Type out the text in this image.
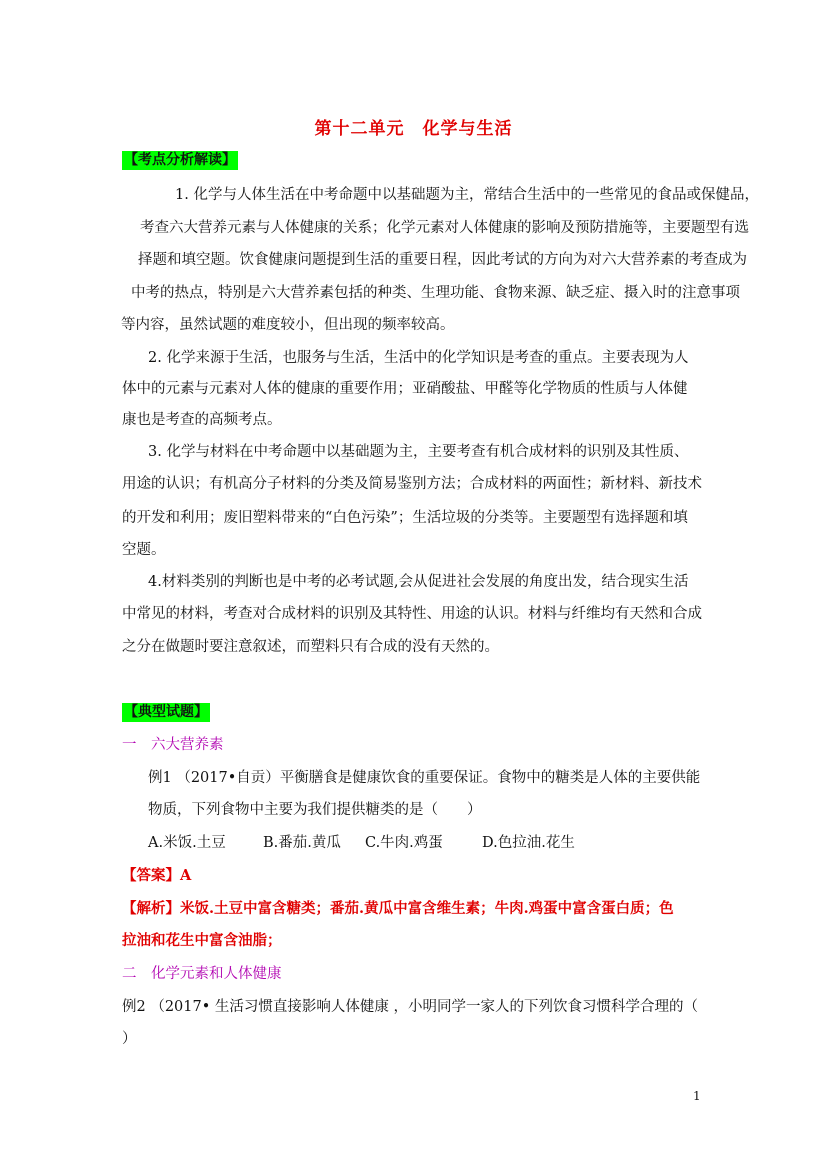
第十二单元　化学与生活
【考点分析解读】
1. 化学与人体生活在中考命题中以基础题为主，常结合生活中的一些常见的食品或保健品，
考查六大营养元素与人体健康的关系；化学元素对人体健康的影响及预防措施等，主要题型有选
择题和填空题。饮食健康问题提到生活的重要日程，因此考试的方向为对六大营养素的考查成为
中考的热点，特别是六大营养素包括的种类、生理功能、食物来源、缺乏症、摄入时的注意事项
等内容，虽然试题的难度较小，但出现的频率较高。
2. 化学来源于生活，也服务与生活，生活中的化学知识是考查的重点。主要表现为人
体中的元素与元素对人体的健康的重要作用；亚硝酸盐、甲醛等化学物质的性质与人体健
康也是考查的高频考点。
3. 化学与材料在中考命题中以基础题为主，主要考查有机合成材料的识别及其性质、
用途的认识；有机高分子材料的分类及简易鉴别方法；合成材料的两面性；新材料、新技术
的开发和利用；废旧塑料带来的“白色污染”；生活垃圾的分类等。主要题型有选择题和填
空题。
4.材料类别的判断也是中考的必考试题,会从促进社会发展的角度出发，结合现实生活
中常见的材料，考查对合成材料的识别及其特性、用途的认识。材料与纤维均有天然和合成
之分在做题时要注意叙述，而塑料只有合成的没有天然的。
【典型试题】
一　六大营养素
例1 （2017•自贡）平衡膳食是健康饮食的重要保证。食物中的糖类是人体的主要供能
物质，下列食物中主要为我们提供糖类的是（　　）
A.米饭.土豆	B.番茄.黄瓜 C.牛肉.鸡蛋	D.色拉油.花生
【答案】A
【解析】米饭.土豆中富含糖类；番茄.黄瓜中富含维生素；牛肉.鸡蛋中富含蛋白质；色
拉油和花生中富含油脂；
二　化学元素和人体健康
例2 （2017• 生活习惯直接影响人体健康 ，小明同学一家人的下列饮食习惯科学合理的（
）
1
